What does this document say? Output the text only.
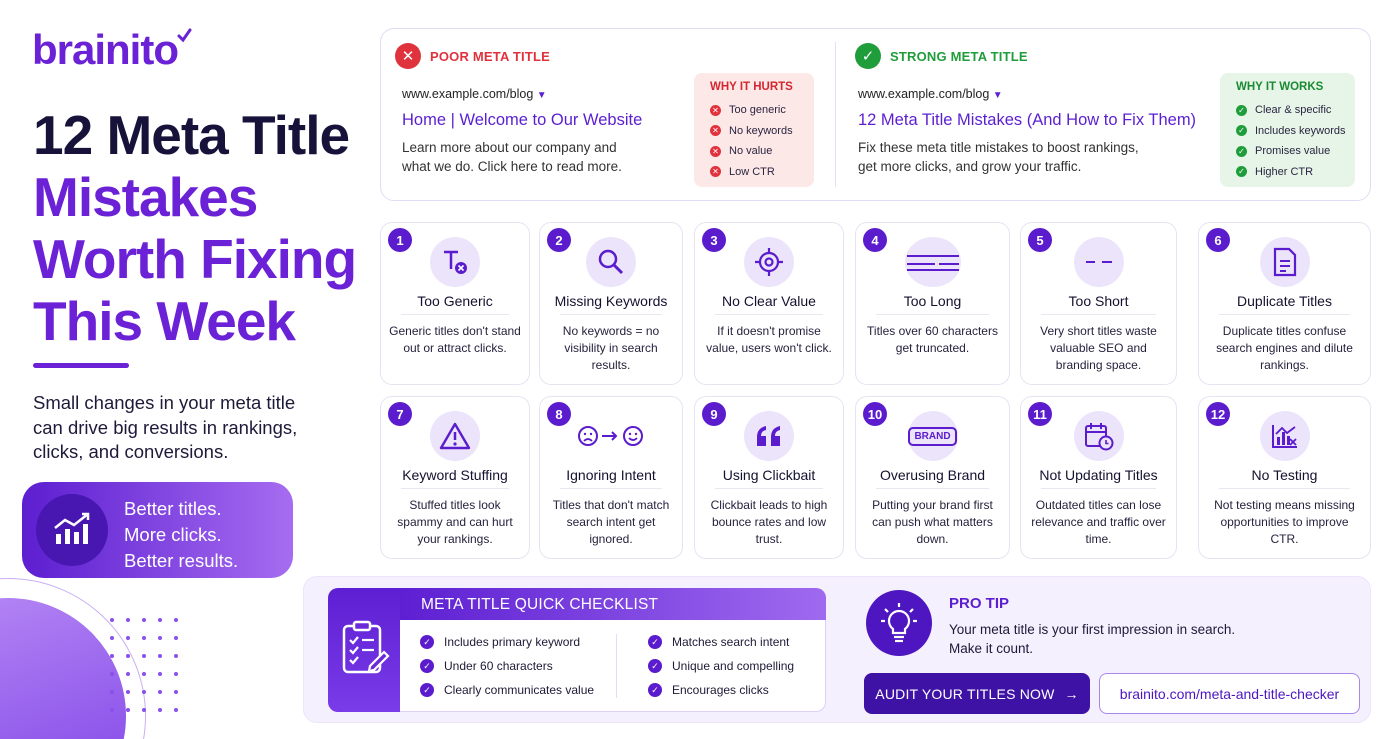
brainito
12 Meta Title
Mistakes
Worth Fixing
This Week
Small changes in your meta title can drive big results in rankings, clicks, and conversions.
Better titles.
More clicks.
Better results.
✕	POOR META TITLE
www.example.com/blog ▼
Home | Welcome to Our Website
Learn more about our company and
what we do. Click here to read more.
WHY IT HURTS
✕ Too generic
✕ No keywords
✕ No value
✕ Low CTR
✓	STRONG META TITLE
www.example.com/blog ▼
12 Meta Title Mistakes (And How to Fix Them)
Fix these meta title mistakes to boost rankings,
get more clicks, and grow your traffic.
WHY IT WORKS
✓ Clear & specific
✓ Includes keywords
✓ Promises value
✓ Higher CTR
1
Too Generic
Generic titles don't stand out or attract clicks.
2
Missing Keywords
No keywords = no visibility in search results.
3
No Clear Value
If it doesn't promise value, users won't click.
4
Too Long
Titles over 60 characters get truncated.
5
Too Short
Very short titles waste valuable SEO and branding space.
6
Duplicate Titles
Duplicate titles confuse search engines and dilute rankings.
7
Keyword Stuffing
Stuffed titles look spammy and can hurt your rankings.
8
Ignoring Intent
Titles that don't match search intent get ignored.
9
Using Clickbait
Clickbait leads to high bounce rates and low trust.
10
BRAND
Overusing Brand
Putting your brand first can push what matters down.
11
Not Updating Titles
Outdated titles can lose relevance and traffic over time.
12
No Testing
Not testing means missing opportunities to improve CTR.
META TITLE QUICK CHECKLIST
✓ Includes primary keyword
✓ Under 60 characters
✓ Clearly communicates value
✓ Matches search intent
✓ Unique and compelling
✓ Encourages clicks
PRO TIP
Your meta title is your first impression in search.
Make it count.
AUDIT YOUR TITLES NOW →	brainito.com/meta-and-title-checker
